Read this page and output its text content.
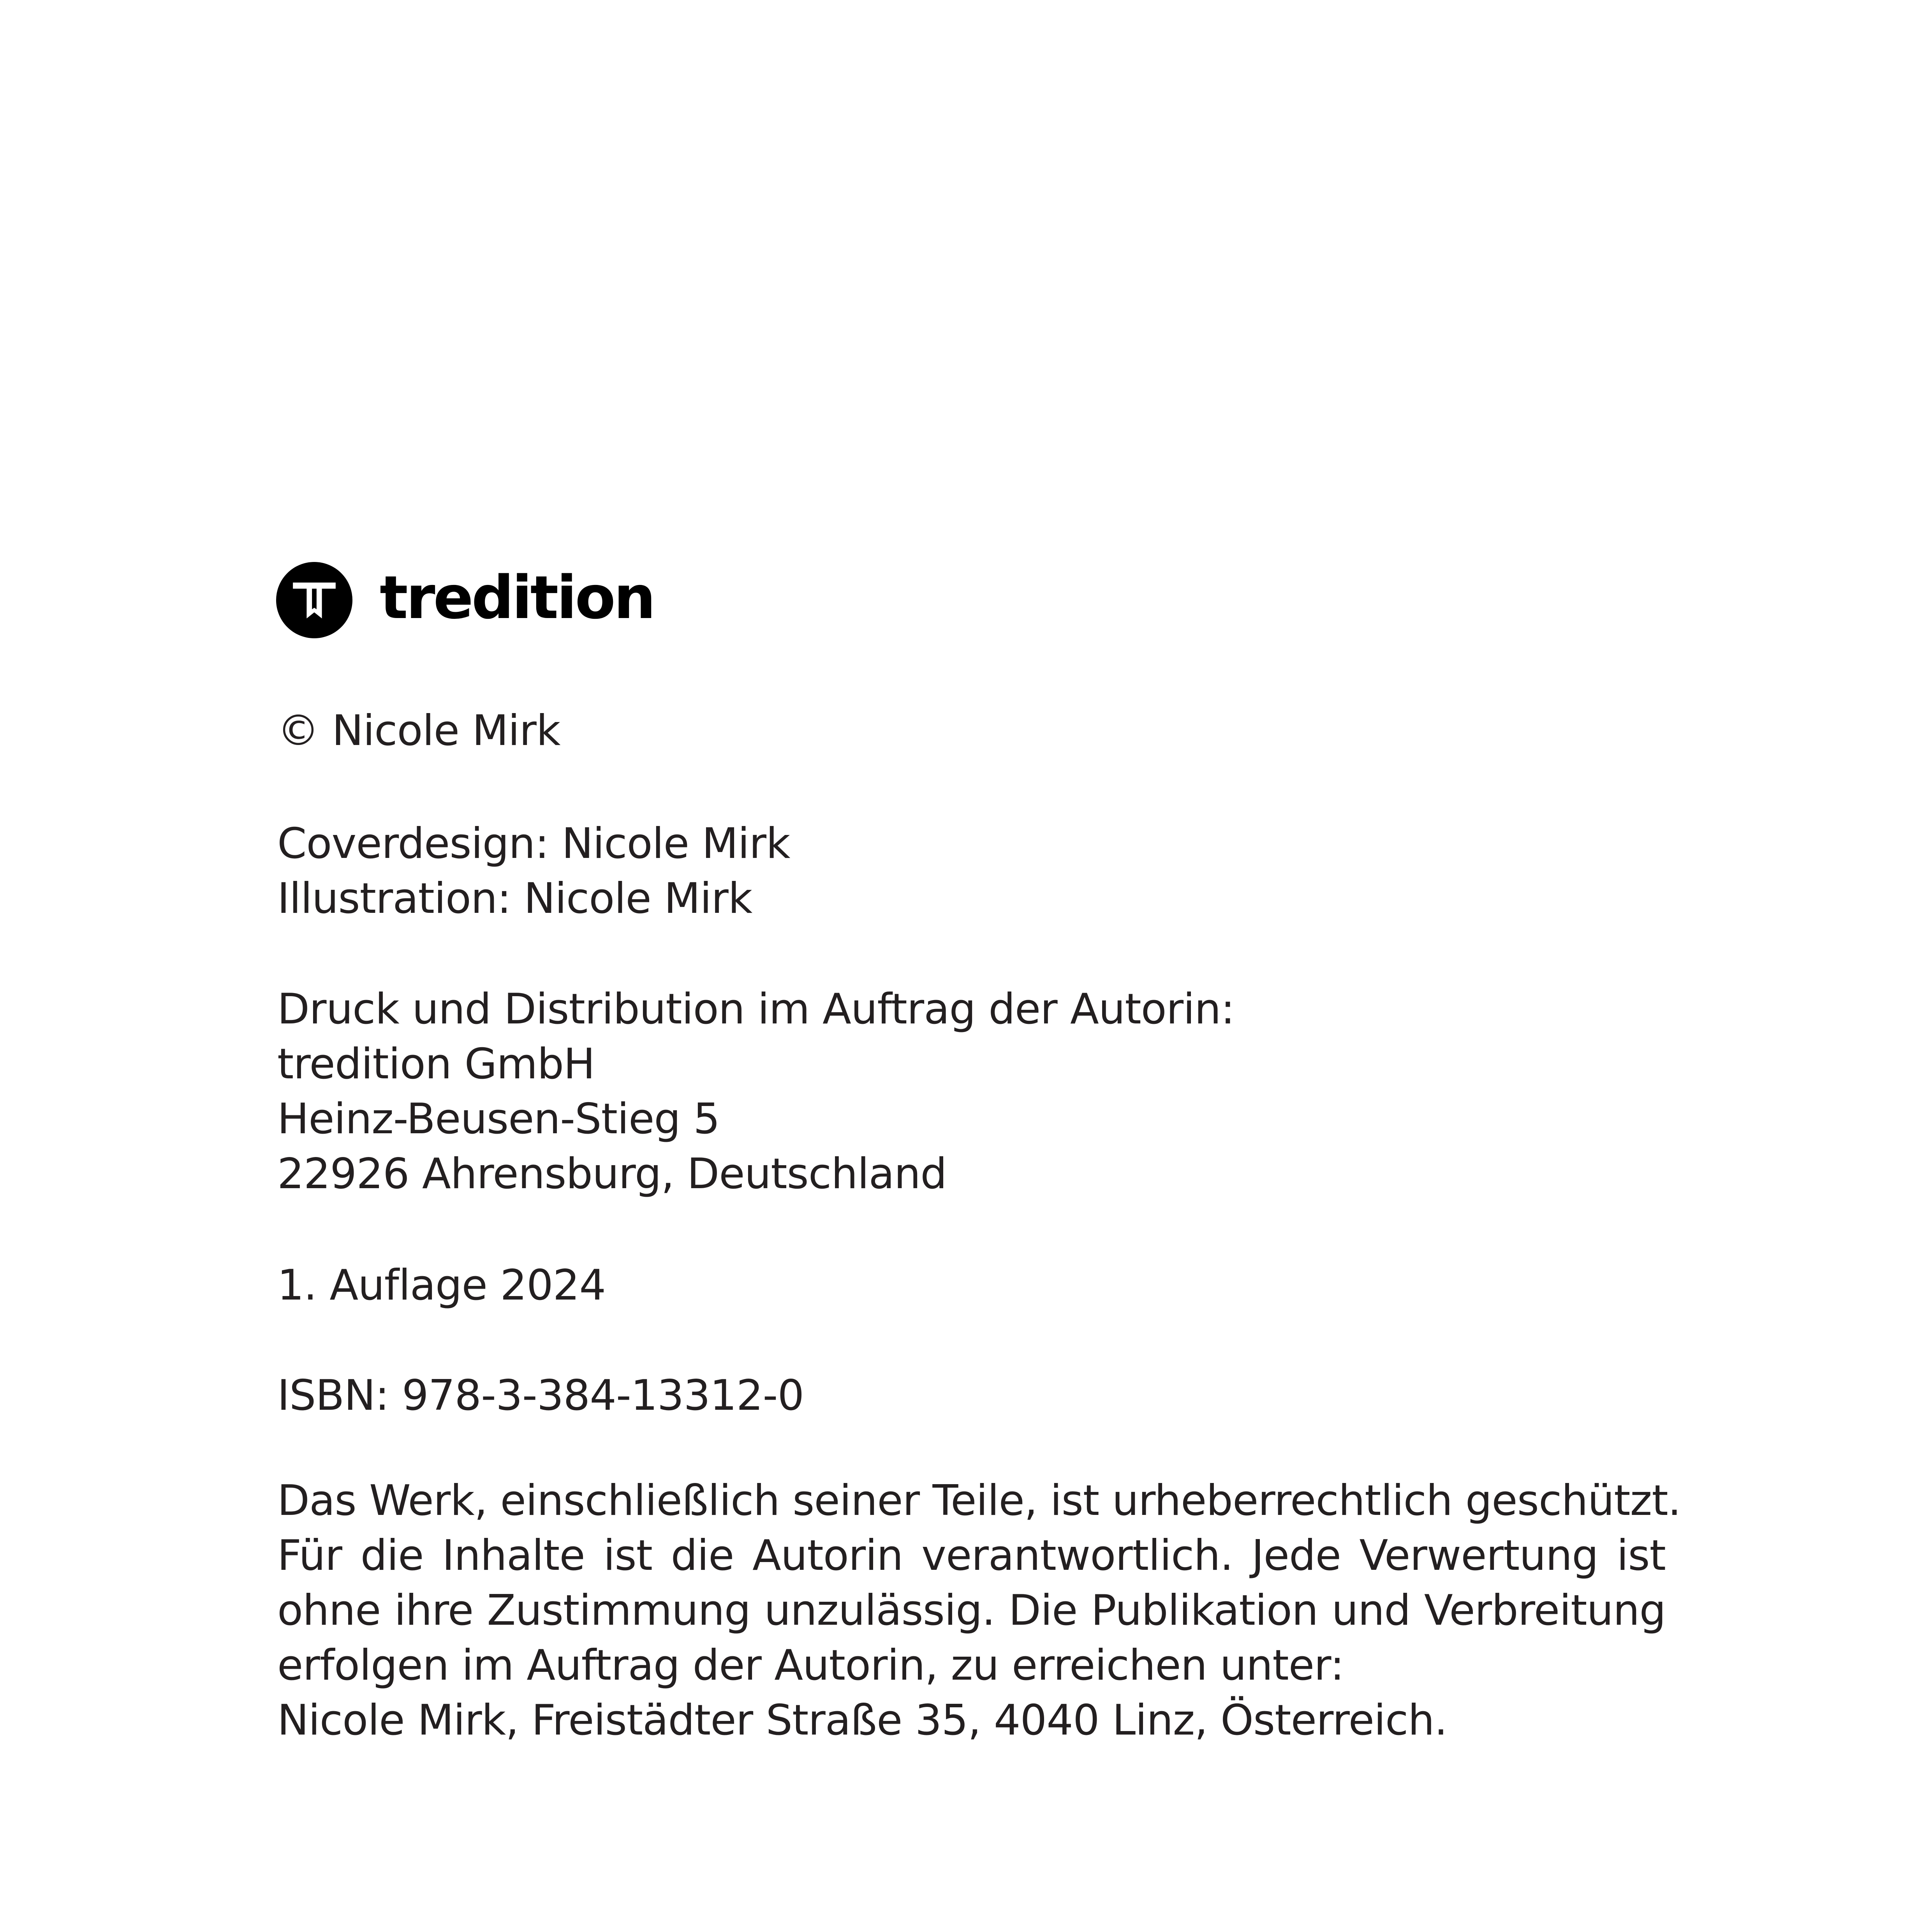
tredition

© Nicole Mirk

Coverdesign: Nicole Mirk
Illustration: Nicole Mirk
Druck und Distribution im Auftrag der Autorin:
tredition GmbH
Heinz-Beusen-Stieg 5
22926 Ahrensburg, Deutschland

1. Auflage 2024

ISBN: 978-3-384-13312-0

Das Werk, einschließlich seiner Teile, ist urheberrechtlich geschützt.
Für die Inhalte ist die Autorin verantwortlich. Jede Verwertung ist
ohne ihre Zustimmung unzulässig. Die Publikation und Verbreitung
erfolgen im Auftrag der Autorin, zu erreichen unter:
Nicole Mirk, Freistädter Straße 35, 4040 Linz, Österreich.
